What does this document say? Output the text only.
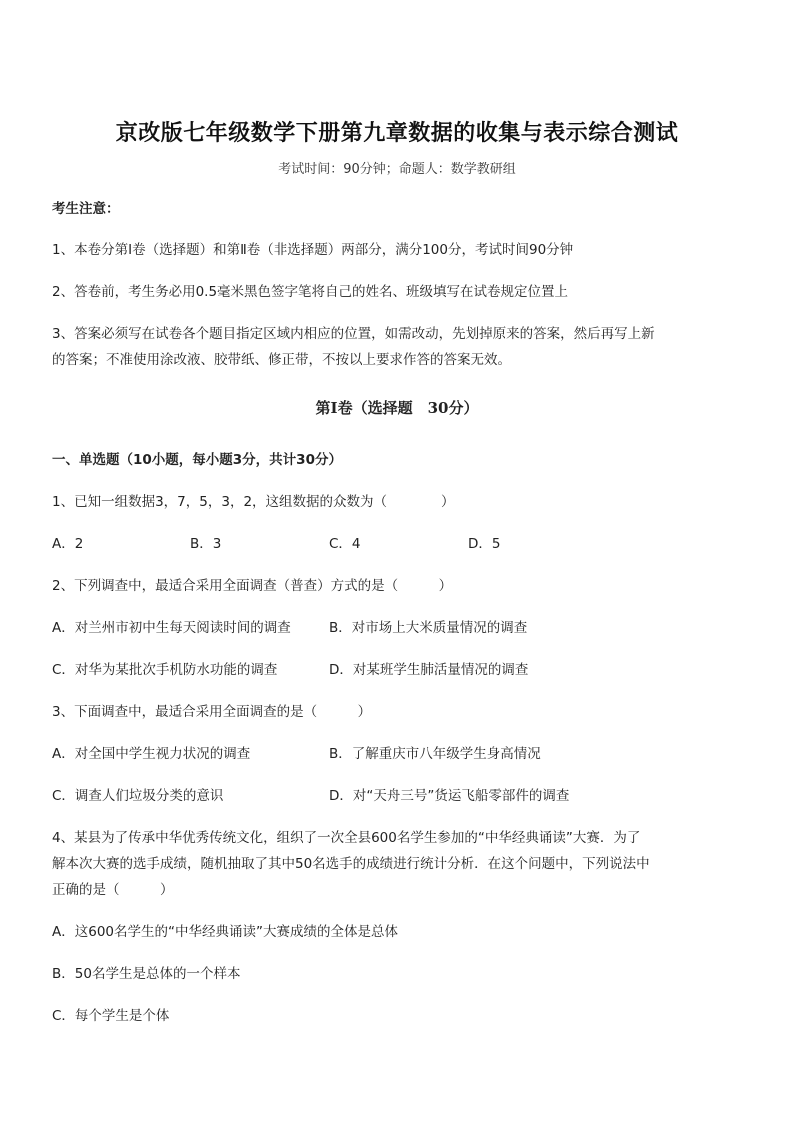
京改版七年级数学下册第九章数据的收集与表示综合测试
考试时间：90分钟；命题人：数学教研组
考生注意：
1、本卷分第Ⅰ卷（选择题）和第Ⅱ卷（非选择题）两部分，满分100分，考试时间90分钟
2、答卷前，考生务必用0.5毫米黑色签字笔将自己的姓名、班级填写在试卷规定位置上
3、答案必须写在试卷各个题目指定区域内相应的位置，如需改动，先划掉原来的答案，然后再写上新
的答案；不准使用涂改液、胶带纸、修正带，不按以上要求作答的答案无效。
第Ⅰ卷（选择题　30分）
一、单选题（10小题，每小题3分，共计30分）
1、已知一组数据3，7，5，3，2，这组数据的众数为（　　　　）
A．2	B．3	C．4	D．5
2、下列调查中，最适合采用全面调查（普查）方式的是（　　　）
A．对兰州市初中生每天阅读时间的调查	B．对市场上大米质量情况的调查
C．对华为某批次手机防水功能的调查	D．对某班学生肺活量情况的调查
3、下面调查中，最适合采用全面调查的是（　　　）
A．对全国中学生视力状况的调查	B．了解重庆市八年级学生身高情况
C．调查人们垃圾分类的意识	D．对“天舟三号”货运飞船零部件的调查
4、某县为了传承中华优秀传统文化，组织了一次全县600名学生参加的“中华经典诵读”大赛．为了
解本次大赛的选手成绩，随机抽取了其中50名选手的成绩进行统计分析．在这个问题中，下列说法中
正确的是（　　　）
A．这600名学生的“中华经典诵读”大赛成绩的全体是总体
B．50名学生是总体的一个样本
C．每个学生是个体
